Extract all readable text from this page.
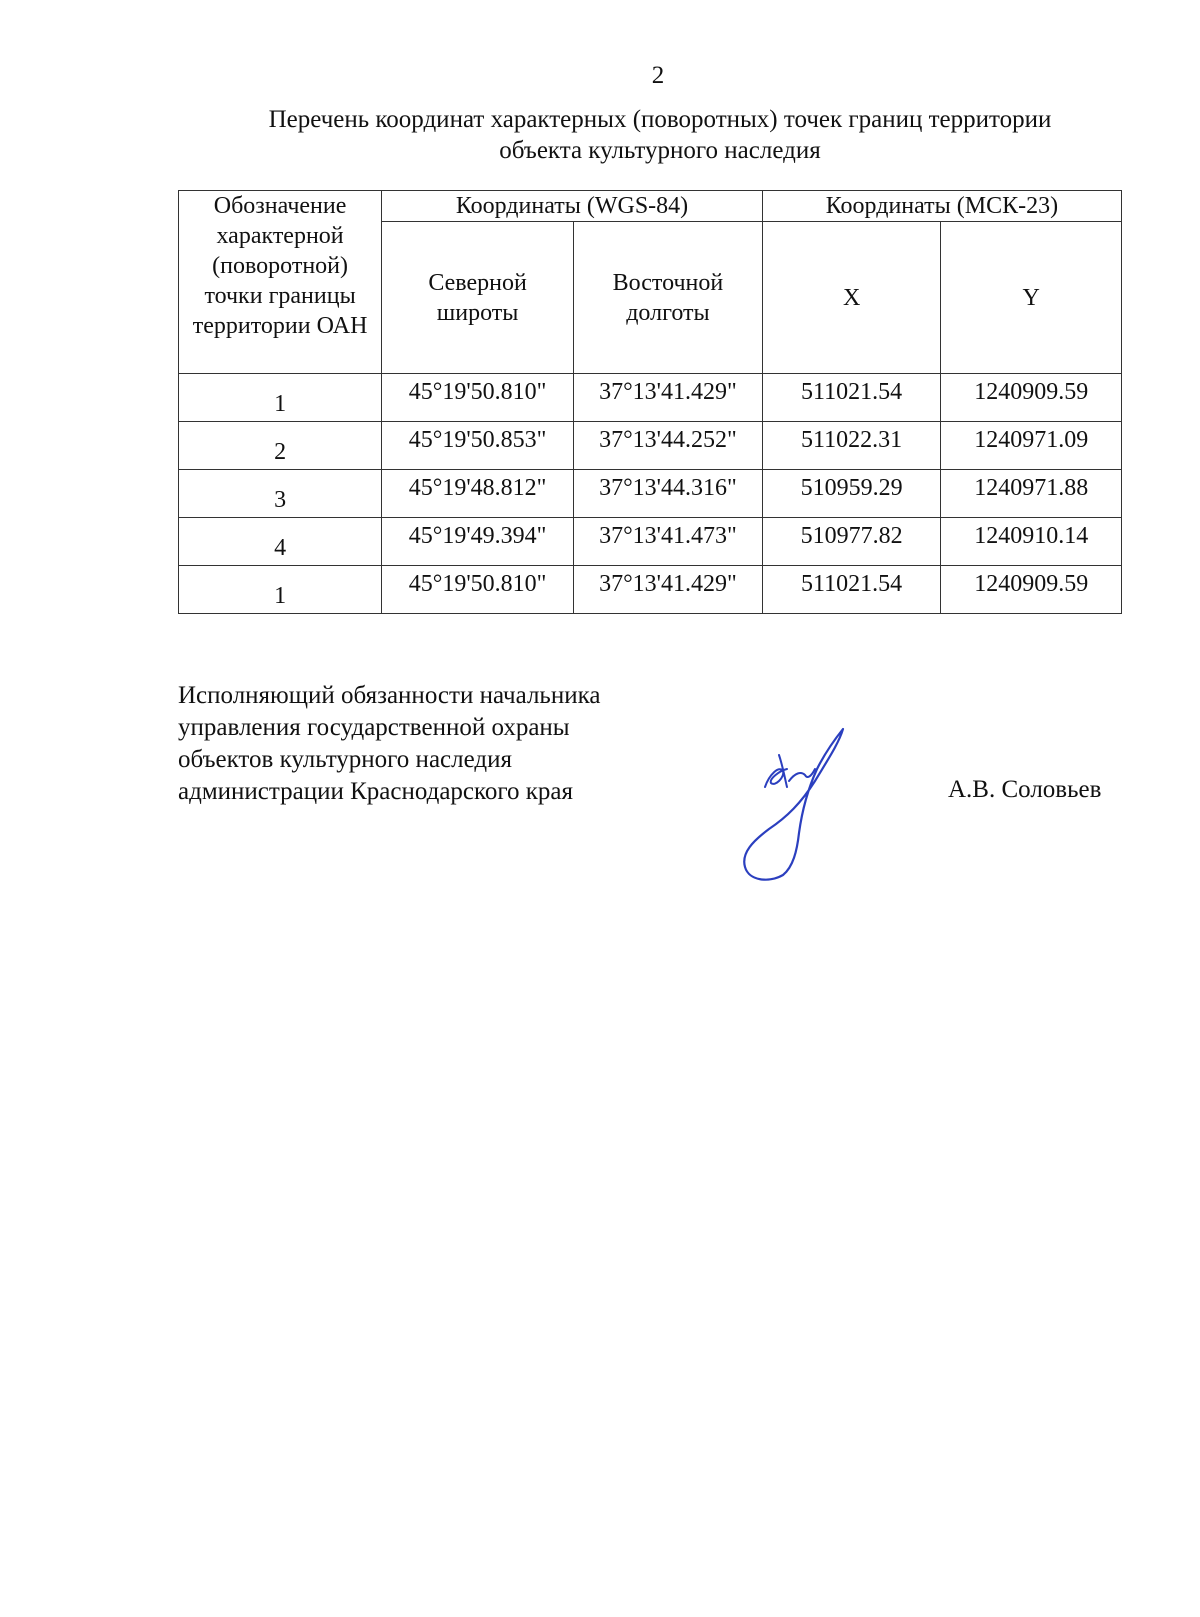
2
Перечень координат характерных (поворотных) точек границ территории
объекта культурного наследия
Обозначение характерной (поворотной) точки границы территории ОАН	Координаты (WGS-84)		Координаты (МСК-23)	

	Северной широты	Восточной долготы	X	Y
1	45°19'50.810"	37°13'41.429"	511021.54	1240909.59
2	45°19'50.853"	37°13'44.252"	511022.31	1240971.09
3	45°19'48.812"	37°13'44.316"	510959.29	1240971.88
4	45°19'49.394"	37°13'41.473"	510977.82	1240910.14
1	45°19'50.810"	37°13'41.429"	511021.54	1240909.59
Исполняющий обязанности начальника
управления государственной охраны
объектов культурного наследия
администрации Краснодарского края	А.В. Соловьев
